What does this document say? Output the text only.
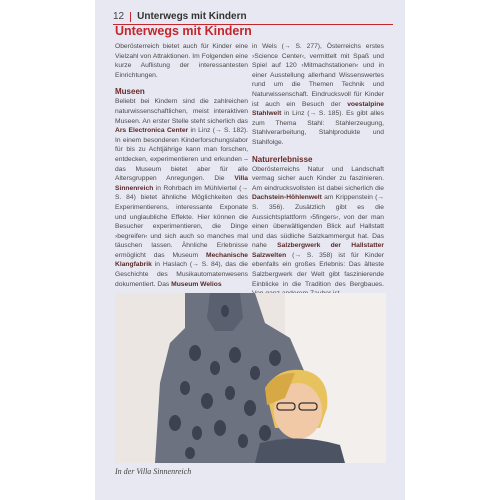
12 Unterwegs mit Kindern
Unterwegs mit Kindern

Oberösterreich bietet auch für Kinder eine Vielzahl von Attraktionen. Im Folgenden eine kurze Auflistung der interessantesten Einrichtungen.

Museen

Beliebt bei Kindern sind die zahlreichen naturwissenschaftlichen, meist interaktiven Museen. An erster Stelle steht sicherlich das Ars Electronica Center in Linz (→ S. 182). In einem besonderen Kinderforschungslabor für bis zu Achtjährige kann man forschen, entdecken, experimentieren und erkunden – das Museum bietet aber für alle Altersgruppen Anregungen. Die Villa Sinnenreich in Rohrbach im Mühlviertel (→ S. 84) bietet ähnliche Möglichkeiten des Experimentierens, interessante Exponate und unglaubliche Effekte. Hier können die Besucher experimentieren, die Dinge ›begreifen‹ und sich auch so manches mal täuschen lassen. Ähnliche Erlebnisse ermöglicht das Museum Mechanische Klangfabrik in Haslach (→ S. 84), das die Geschichte des Musikautomatenwesens dokumentiert. Das Museum Welios

in Wels (→ S. 277), Österreichs erstes ›Science Center‹, vermittelt mit Spaß und Spiel auf 120 ›Mitmachstationen‹ und in einer Ausstellung allerhand Wissenswertes rund um die Themen Technik und Naturwissenschaft. Eindrucksvoll für Kinder ist auch ein Besuch der voestalpine Stahlwelt in Linz (→ S. 185). Es gibt alles zum Thema Stahl: Stahlerzeugung, Stahlverarbeitung, Stahlprodukte und Stahlfolge.

Naturerlebnisse

Oberösterreichs Natur und Landschaft vermag sicher auch Kinder zu faszinieren. Am eindrucksvollsten ist dabei sicherlich die Dachstein-Höhlenwelt am Krippenstein (→ S. 356). Zusätzlich gibt es die Aussichtsplattform ›5fingers‹, von der man einen überwältigenden Blick auf Hallstatt und das südliche Salzkammergut hat. Das nahe Salzbergwerk der Hallstatter Salzwelten (→ S. 358) ist für Kinder ebenfalls ein großes Erlebnis: Das älteste Salzbergwerk der Welt gibt faszinierende Einblicke in die Tradition des Bergbaues.

In der Villa Sinnenreich
